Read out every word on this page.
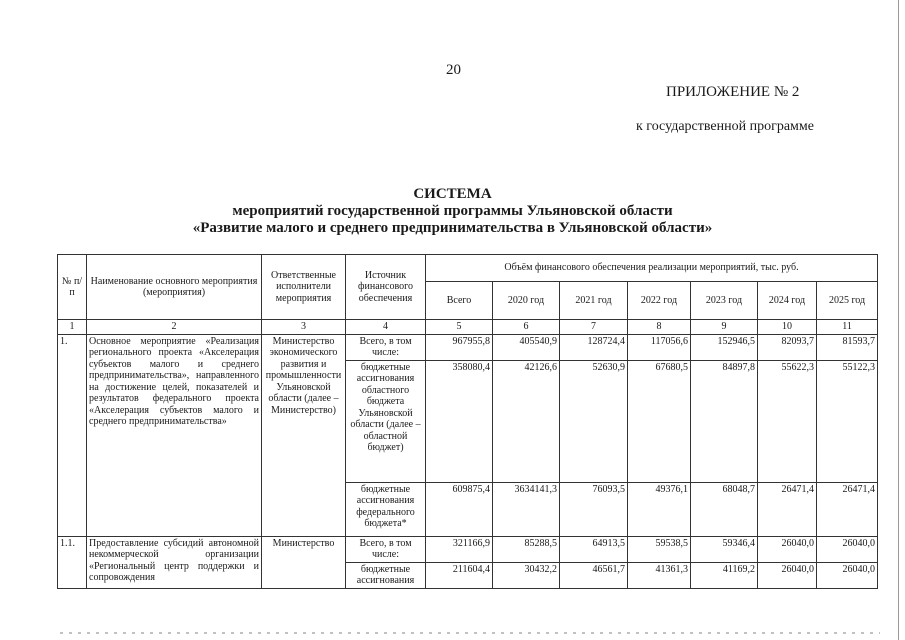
20
ПРИЛОЖЕНИЕ № 2
к государственной программе
СИСТЕМА
мероприятий государственной программы Ульяновской области
«Развитие малого и среднего предпринимательства в Ульяновской области»
№ п/п	Наименование основного мероприятия (мероприятия)	Ответственные исполнители мероприятия	Источник финансового обеспечения	Объём финансового обеспечения реализации мероприятий, тыс. руб.						
				Всего	2020 год	2021 год	2022 год	2023 год	2024 год	2025 год
1	2	3	4	5	6	7	8	9	10	11
1.	Основное мероприятие «Реализация регионального проекта «Акселерация субъектов малого и среднего предпринимательства», направленного на достижение целей, показателей и результатов федерального проекта «Акселерация субъектов малого и среднего предпринимательства»	Министерство экономического развития и промышленности Ульяновской области (далее – Министерство)	Всего, в том числе:	967955,8	405540,9	128724,4	117056,6	152946,5	82093,7	81593,7
			бюджетные ассигнования областного бюджета Ульяновской области (далее – областной бюджет)	358080,4	42126,6	52630,9	67680,5	84897,8	55622,3	55122,3
			бюджетные ассигнования федерального бюджета*	609875,4	3634141,3	76093,5	49376,1	68048,7	26471,4	26471,4
1.1.	Предоставление субсидий автономной некоммерческой организации «Региональный центр поддержки и сопровождения	Министерство	Всего, в том числе:	321166,9	85288,5	64913,5	59538,5	59346,4	26040,0	26040,0
			бюджетные ассигнования	211604,4	30432,2	46561,7	41361,3	41169,2	26040,0	26040,0
